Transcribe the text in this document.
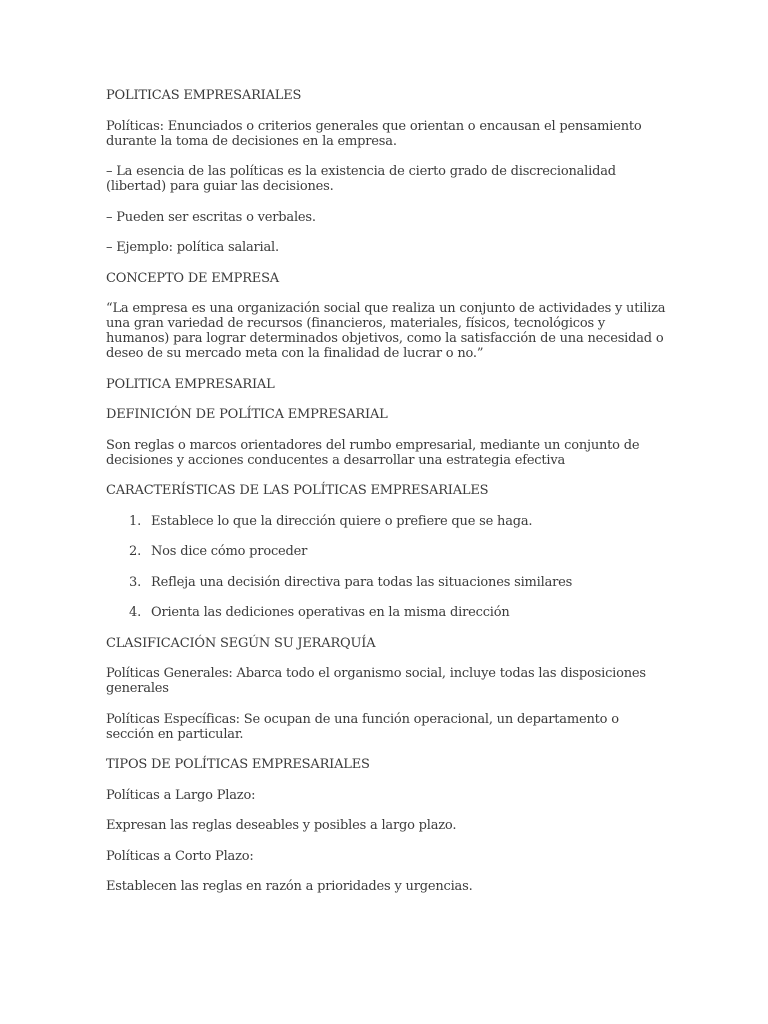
POLITICAS EMPRESARIALES

Políticas: Enunciados o criterios generales que orientan o encausan el pensamiento durante la toma de decisiones en la empresa.

– La esencia de las políticas es la existencia de cierto grado de discrecionalidad (libertad) para guiar las decisiones.

– Pueden ser escritas o verbales.

– Ejemplo: política salarial.

CONCEPTO DE EMPRESA

“La empresa es una organización social que realiza un conjunto de actividades y utiliza una gran variedad de recursos (financieros, materiales, físicos, tecnológicos y humanos) para lograr determinados objetivos, como la satisfacción de una necesidad o deseo de su mercado meta con la finalidad de lucrar o no.”

POLITICA EMPRESARIAL

DEFINICIÓN DE POLÍTICA EMPRESARIAL

Son reglas o marcos orientadores del rumbo empresarial, mediante un conjunto de decisiones y acciones conducentes a desarrollar una estrategia efectiva

CARACTERÍSTICAS DE LAS POLÍTICAS EMPRESARIALES

1. Establece lo que la dirección quiere o prefiere que se haga.
2. Nos dice cómo proceder
3. Refleja una decisión directiva para todas las situaciones similares
4. Orienta las dediciones operativas en la misma dirección

CLASIFICACIÓN SEGÚN SU JERARQUÍA

Políticas Generales: Abarca todo el organismo social, incluye todas las disposiciones generales

Políticas Específicas: Se ocupan de una función operacional, un departamento o sección en particular.

TIPOS DE POLÍTICAS EMPRESARIALES

Políticas a Largo Plazo:

Expresan las reglas deseables y posibles a largo plazo.

Políticas a Corto Plazo:

Establecen las reglas en razón a prioridades y urgencias.
